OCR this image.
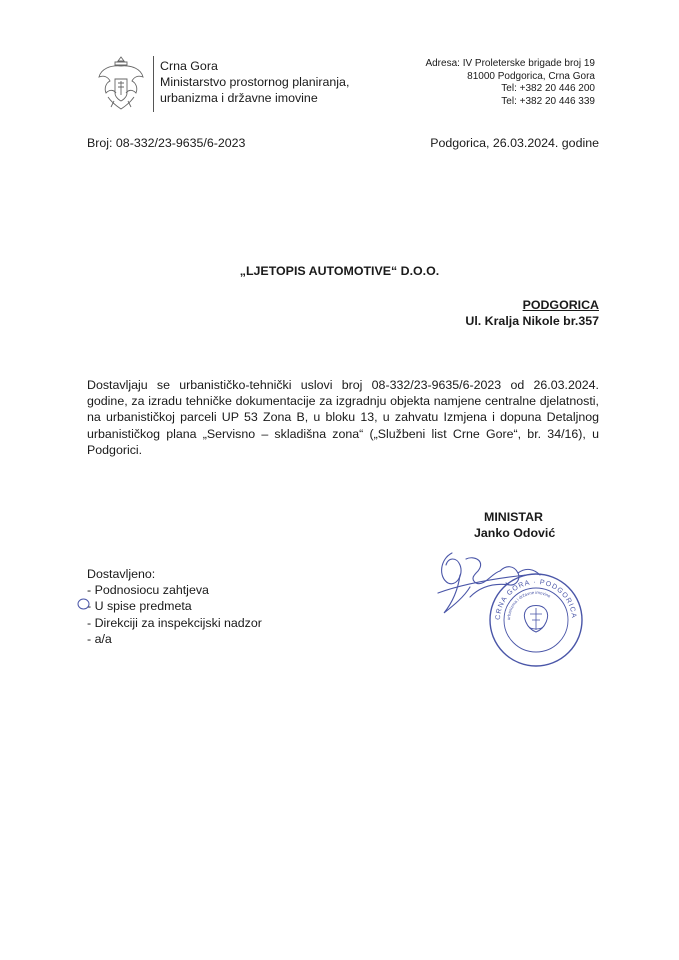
Crna Gora
Ministarstvo prostornog planiranja,
urbanizma i državne imovine
Adresa: IV Proleterske brigade broj 19
81000 Podgorica, Crna Gora
Tel: +382 20 446 200
Tel: +382 20 446 339
Broj: 08-332/23-9635/6-2023	Podgorica, 26.03.2024. godine
„LJETOPIS AUTOMOTIVE“ D.O.O.
PODGORICA
Ul. Kralja Nikole br.357
Dostavljaju se urbanističko-tehnički uslovi broj 08-332/23-9635/6-2023 od 26.03.2024. godine, za izradu tehničke dokumentacije za izgradnju objekta namjene centralne djelatnosti, na urbanističkoj parceli UP 53 Zona B, u bloku 13, u zahvatu Izmjena i dopuna Detaljnog urbanističkog plana „Servisno – skladišna zona“ („Službeni list Crne Gore“, br. 34/16), u Podgorici.
MINISTAR
Janko Odović
CRNA GORA · PODGORICA
urbanizma i državne imovine
Dostavljeno:
- Podnosiocu zahtjeva
- U spise predmeta
- Direkciji za inspekcijski nadzor
- a/a
